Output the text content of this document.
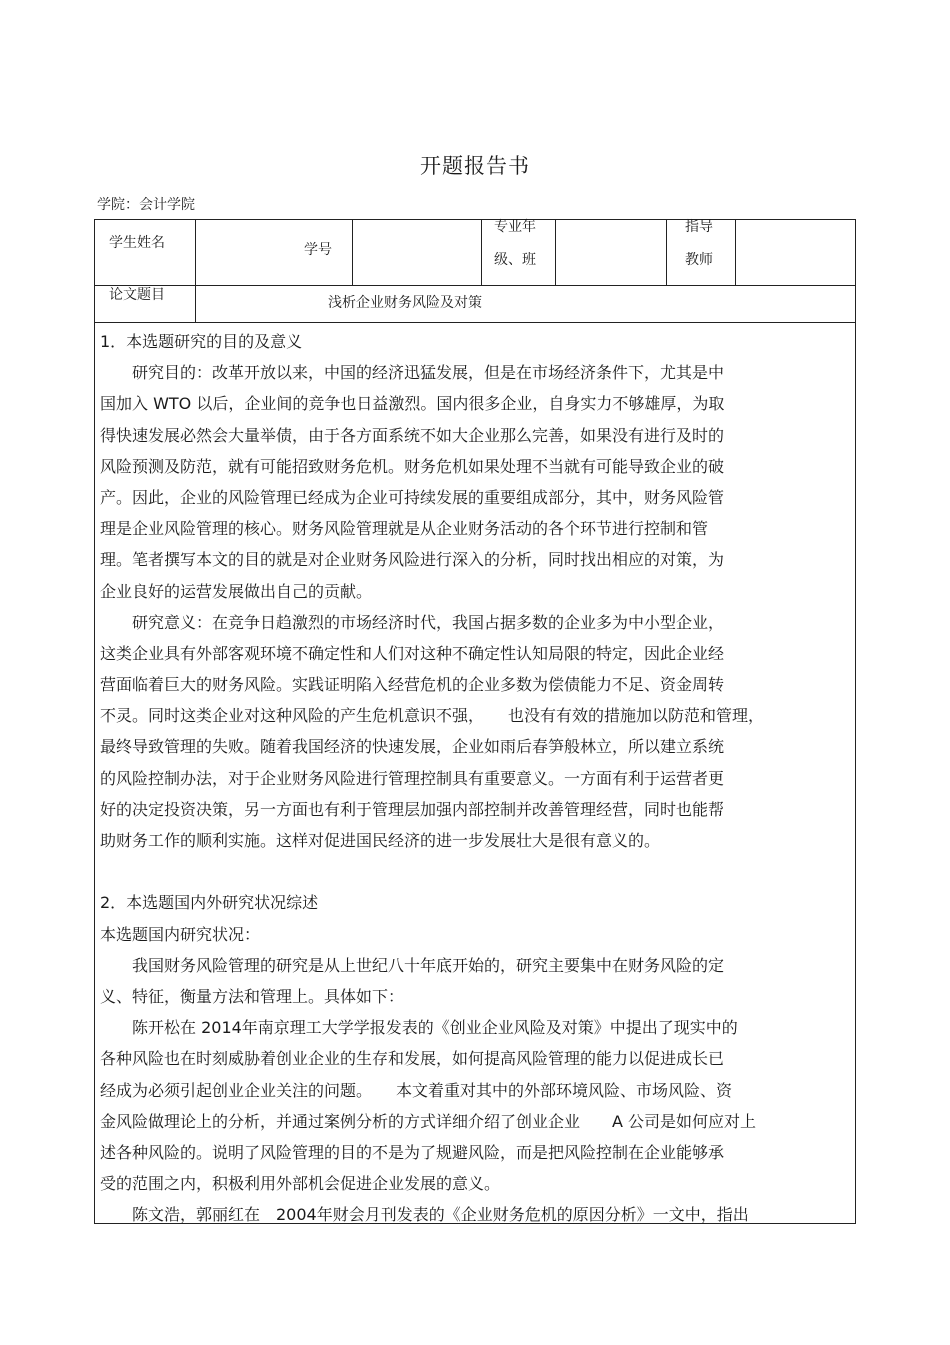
开题报告书
学院：会计学院
学生姓名	学号
专业年
级、班
指导
教师
论文题目	浅析企业财务风险及对策
1．本选题研究的目的及意义
　　研究目的：改革开放以来，中国的经济迅猛发展，但是在市场经济条件下，尤其是中
国加入 WTO 以后，企业间的竞争也日益激烈。国内很多企业，自身实力不够雄厚，为取
得快速发展必然会大量举债，由于各方面系统不如大企业那么完善，如果没有进行及时的
风险预测及防范，就有可能招致财务危机。财务危机如果处理不当就有可能导致企业的破
产。因此，企业的风险管理已经成为企业可持续发展的重要组成部分，其中，财务风险管
理是企业风险管理的核心。财务风险管理就是从企业财务活动的各个环节进行控制和管
理。笔者撰写本文的目的就是对企业财务风险进行深入的分析，同时找出相应的对策，为
企业良好的运营发展做出自己的贡献。
　　研究意义：在竞争日趋激烈的市场经济时代，我国占据多数的企业多为中小型企业，
这类企业具有外部客观环境不确定性和人们对这种不确定性认知局限的特定，因此企业经
营面临着巨大的财务风险。实践证明陷入经营危机的企业多数为偿债能力不足、资金周转
不灵。同时这类企业对这种风险的产生危机意识不强，　　也没有有效的措施加以防范和管理，
最终导致管理的失败。随着我国经济的快速发展，企业如雨后春笋般林立，所以建立系统
的风险控制办法，对于企业财务风险进行管理控制具有重要意义。一方面有利于运营者更
好的决定投资决策，另一方面也有利于管理层加强内部控制并改善管理经营，同时也能帮
助财务工作的顺利实施。这样对促进国民经济的进一步发展壮大是很有意义的。
2．本选题国内外研究状况综述
本选题国内研究状况：
　　我国财务风险管理的研究是从上世纪八十年底开始的，研究主要集中在财务风险的定
义、特征，衡量方法和管理上。具体如下：
　　陈开松在 2014年南京理工大学学报发表的《创业企业风险及对策》中提出了现实中的
各种风险也在时刻威胁着创业企业的生存和发展，如何提高风险管理的能力以促进成长已
经成为必须引起创业企业关注的问题。　　本文着重对其中的外部环境风险、市场风险、资
金风险做理论上的分析，并通过案例分析的方式详细介绍了创业企业　　A 公司是如何应对上
述各种风险的。说明了风险管理的目的不是为了规避风险，而是把风险控制在企业能够承
受的范围之内，积极利用外部机会促进企业发展的意义。
　　陈文浩，郭丽红在　2004年财会月刊发表的《企业财务危机的原因分析》一文中，指出
